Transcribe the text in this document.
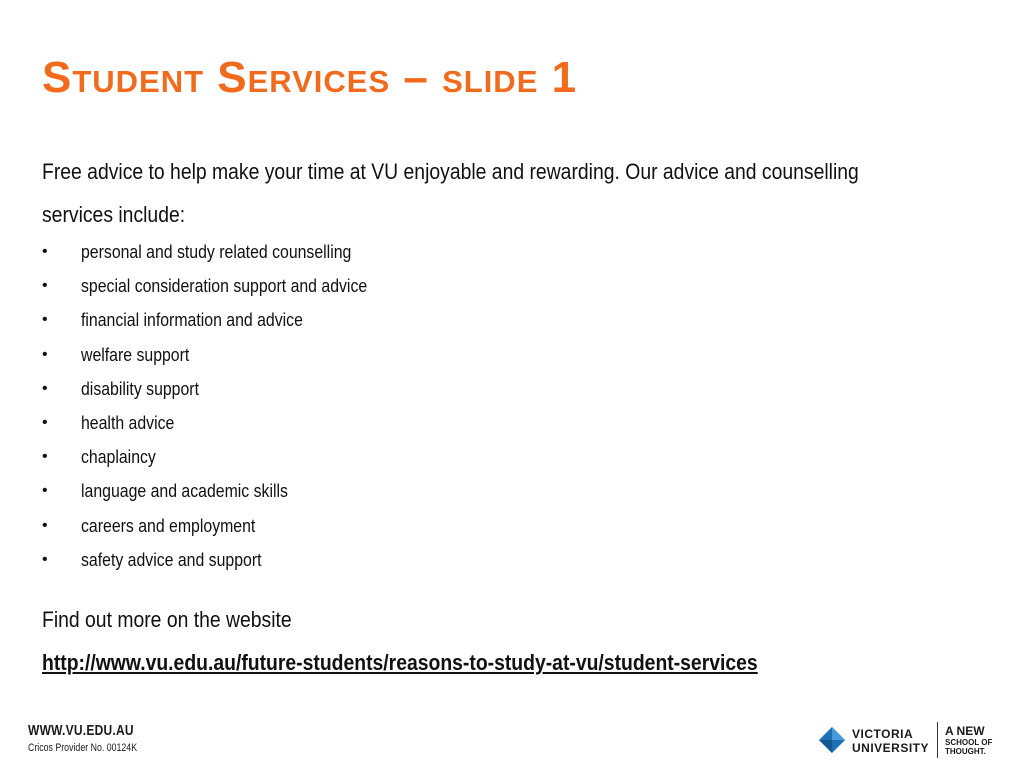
Student Services – slide 1

Free advice to help make your time at VU enjoyable and rewarding. Our advice and counselling services include:

• personal and study related counselling
• special consideration support and advice
• financial information and advice
• welfare support
• disability support
• health advice
• chaplaincy
• language and academic skills
• careers and employment
• safety advice and support

Find out more on the website

http://www.vu.edu.au/future-students/reasons-to-study-at-vu/student-services
WWW.VU.EDU.AU
Cricos Provider No. 00124K
VICTORIA
UNIVERSITY
A NEW
SCHOOL OF
THOUGHT.
